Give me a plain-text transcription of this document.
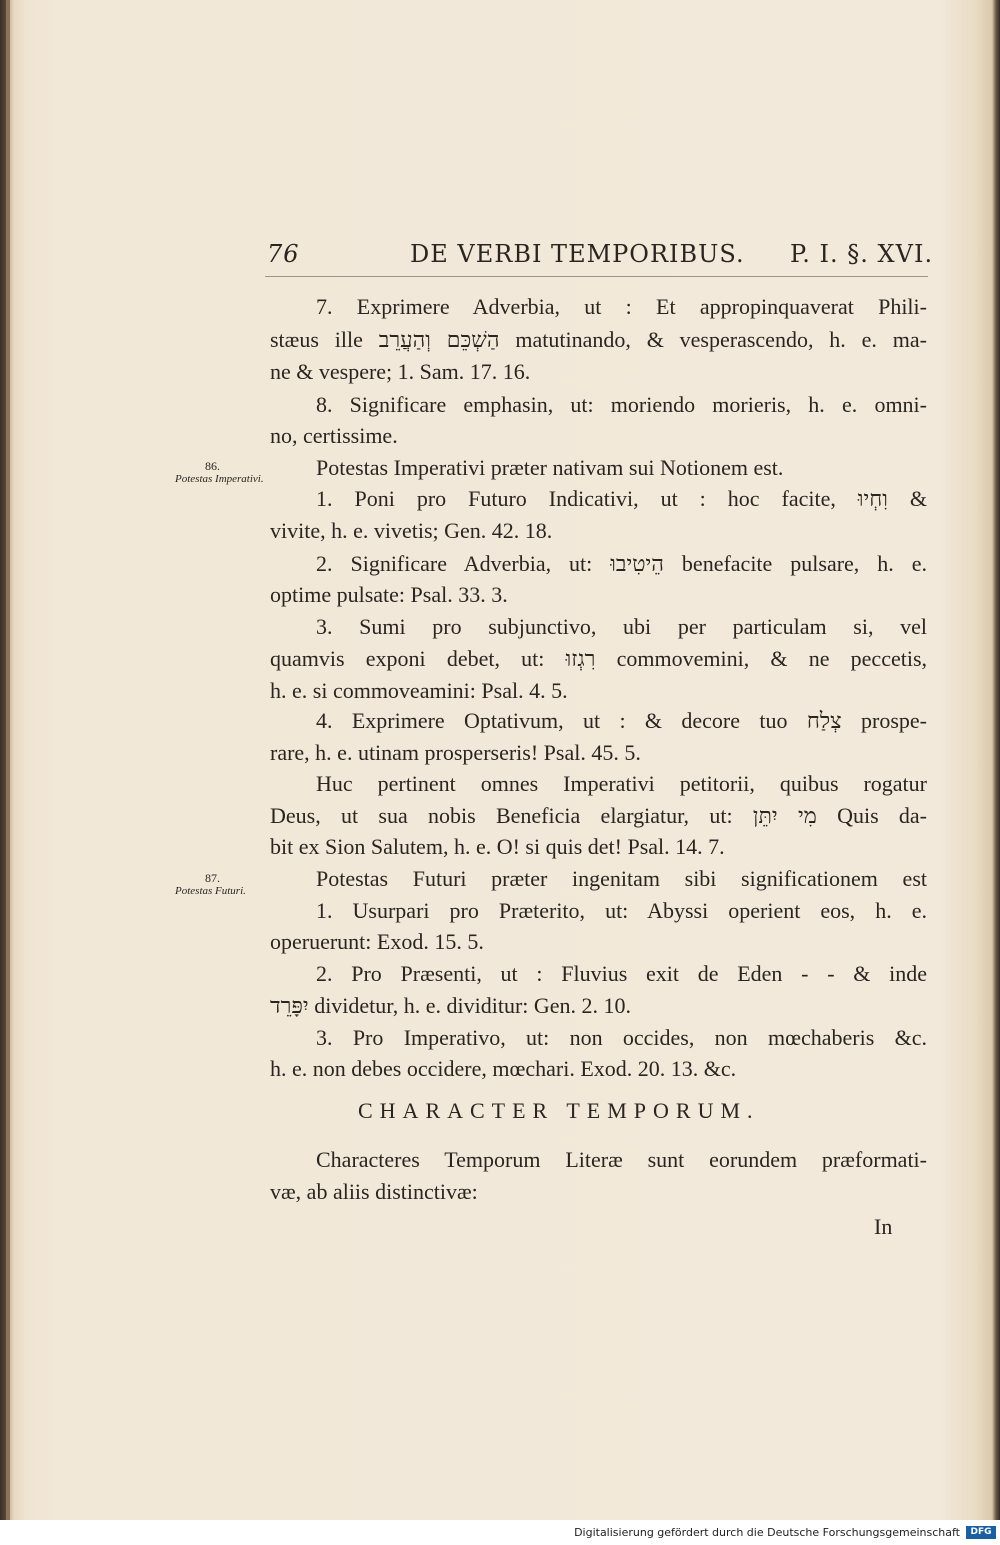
76	DE VERBI TEMPORIBUS. P. I. §. XVI.
7. Exprimere Adverbia, ut : Et appropinquaverat Phili-
stæus ille הַשְׁכֵּם וְהַעֲרֵב matutinando, & vesperascendo, h. e. ma-
ne & vespere; 1. Sam. 17. 16.
8. Significare emphasin, ut: moriendo morieris, h. e. omni-
no, certissime.
Potestas Imperativi præter nativam sui Notionem est.
1. Poni pro Futuro Indicativi, ut : hoc facite, וִחְיוּ &
vivite, h. e. vivetis; Gen. 42. 18.
2. Significare Adverbia, ut: הֵיטִיבוּ benefacite pulsare, h. e.
optime pulsate: Psal. 33. 3.
3. Sumi pro subjunctivo, ubi per particulam si, vel
quamvis exponi debet, ut: רִגְזוּ commovemini, & ne peccetis,
h. e. si commoveamini: Psal. 4. 5.
4. Exprimere Optativum, ut : & decore tuo צְלַח prospe-
rare, h. e. utinam prosperseris! Psal. 45. 5.
Huc pertinent omnes Imperativi petitorii, quibus rogatur
Deus, ut sua nobis Beneficia elargiatur, ut: מִי יִתֵּן Quis da-
bit ex Sion Salutem, h. e. O! si quis det! Psal. 14. 7.
Potestas Futuri præter ingenitam sibi significationem est
1. Usurpari pro Præterito, ut: Abyssi operient eos, h. e.
operuerunt: Exod. 15. 5.
2. Pro Præsenti, ut : Fluvius exit de Eden - - & inde
יִפָּרֵד dividetur, h. e. dividitur: Gen. 2. 10.
3. Pro Imperativo, ut: non occides, non mœchaberis &c.
h. e. non debes occidere, mœchari. Exod. 20. 13. &c.
86.
Potestas Imperativi.
87.
Potestas Futuri.
CHARACTER TEMPORUM.
Characteres Temporum Literæ sunt eorundem præformati-
væ, ab aliis distinctivæ:
In
Digitalisierung gefördert durch die Deutsche Forschungsgemeinschaft	DFG
